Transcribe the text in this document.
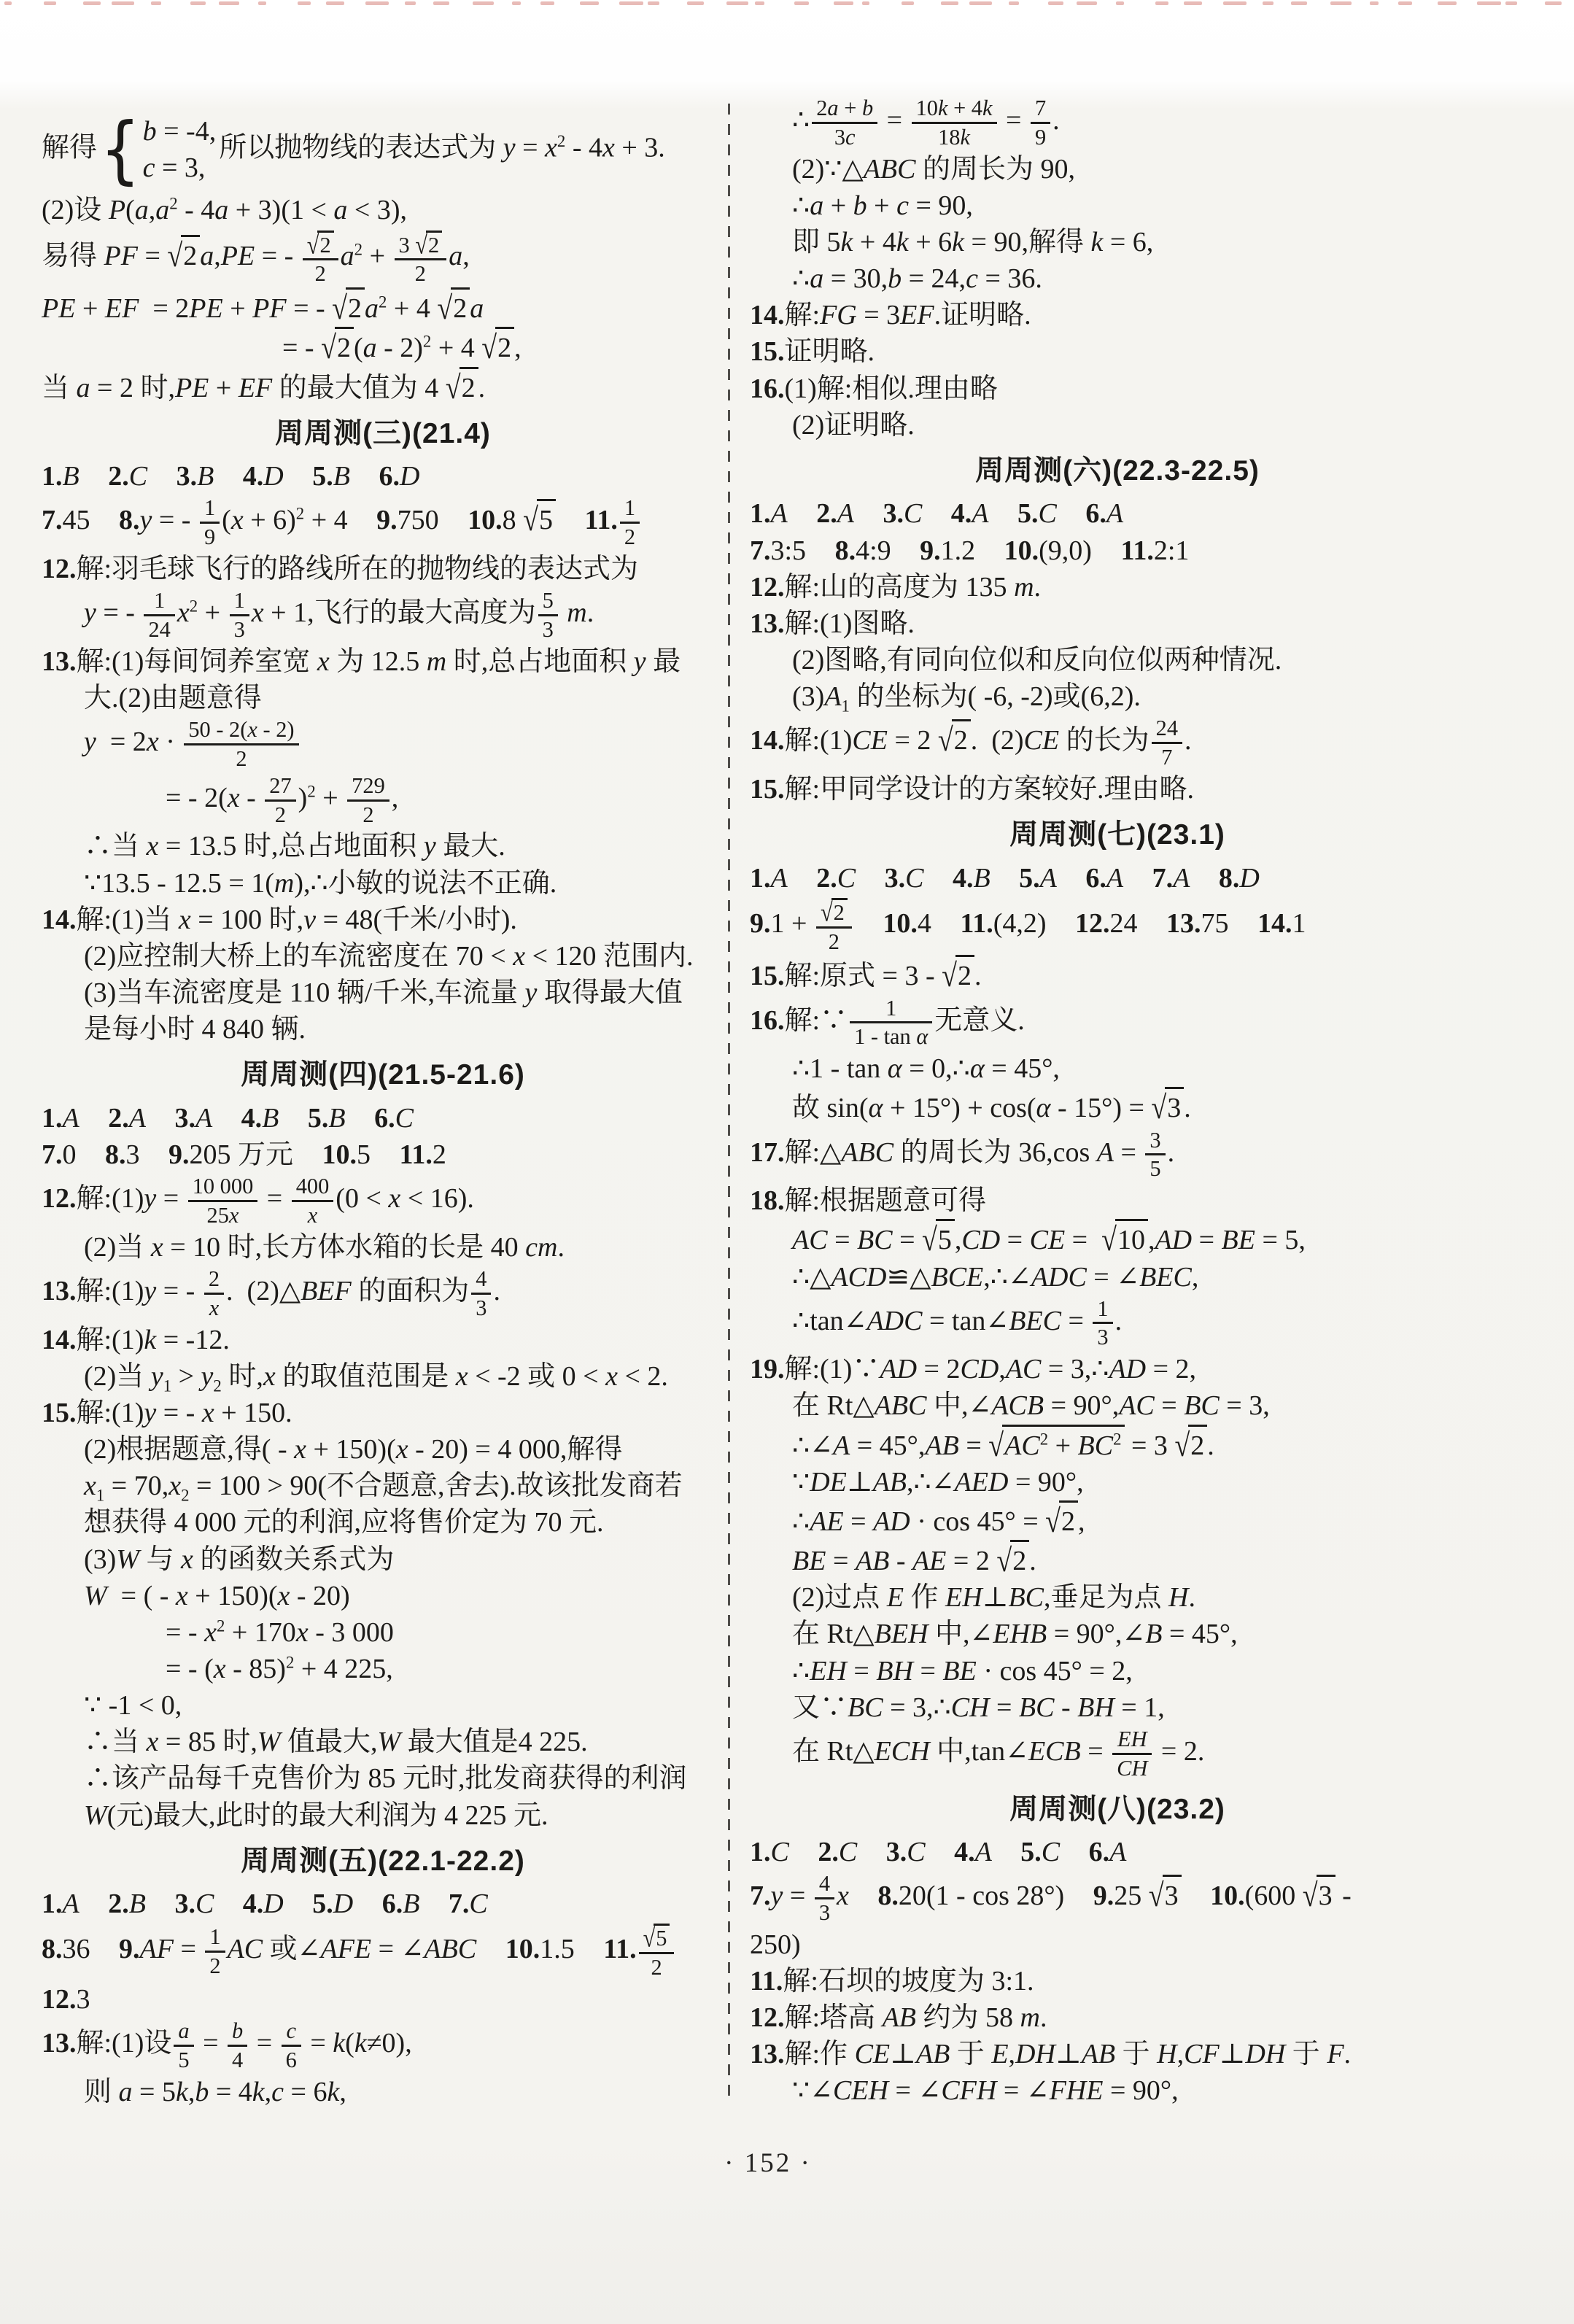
解得 { b = -4,
c = 3,
所以抛物线的表达式为 $y = x^2 - 4x + 3$.
(2)设 $P(a,a^2 - 4a + 3)(1 < a < 3)$,
易得 PF = √2 a,PE = - $\frac{√2}{2} a^2 + \frac{3 √2}{2} a$,
PE + EF  = 2PE + PF = - √2 $a^2 + 4$ √2 a
= - √2 (a - 2)$^2$ + 4 √2 ,
当 a = 2 时,PE + EF 的最大值为 4 √2 .
周周测(三)(21.4)
1.B 2.C 3.B 4.D 5.B 6.D
7.45 8.y = - $\frac{1}{9} (x + 6)^2 + 4$ 9.750 10.8 √5 11. $\frac{1}{2}$
12.解:羽毛球飞行的路线所在的抛物线的表达式为
y = - $\frac{1}{24} x^2 + \frac{1}{3}$ x + 1,飞行的最大高度为 $\frac{5}{3} m$.
13.解:(1)每间饲养室宽 x 为 12.5 m 时,总占地面积 y 最
大.(2)由题意得
$y = 2x \cdot \frac{50 - 2(x - 2)}{2}$
= - $2(x - \frac{27}{2} )^2 + \frac{729}{2}$ ,
∴当 x = 13.5 时,总占地面积 y 最大.
∵13.5 - 12.5 = 1(m),∴小敏的说法不正确.
14.解:(1)当 x = 100 时,v = 48(千米/小时).
(2)应控制大桥上的车流密度在 70 < x < 120 范围内.
(3)当车流密度是 110 辆/千米,车流量 y 取得最大值
是每小时 4 840 辆.
周周测(四)(21.5-21.6)
1.A 2.A 3.A 4.B 5.B 6.C
7.0 8.3 9.205 万元 10.5 11.2
12.解:(1)y = $\frac{10 000}{25x} = \frac{400}{x} (0 < x < 16)$.
(2)当 x = 10 时,长方体水箱的长是 40 cm.
13.解:(1)y = - $\frac{2}{x}$ .  (2)△BEF 的面积为 $\frac{4}{3}$ .
14.解:(1)k = -12.
(2)当 $y_1 > y_2$ 时,x 的取值范围是 x < -2 或 0 < x < 2.
15.解:(1)y = - x + 150.
(2)根据题意,得( - x + 150)(x - 20) = 4 000,解得
$x_1 = 70,x_2 = 100 > 90$(不合题意,舍去).故该批发商若
想获得 4 000 元的利润,应将售价定为 70 元.
(3)W 与 x 的函数关系式为
W  = ( - x + 150)(x - 20)
= - $x^2 + 170x - 3$ 000
= - (x - 85)$^2$ + 4 225,
∵ -1 < 0,
∴当 x = 85 时,W 值最大,W 最大值是4 225.
∴该产品每千克售价为 85 元时,批发商获得的利润
W(元)最大,此时的最大利润为 4 225 元.
周周测(五)(22.1-22.2)
1.A 2.B 3.C 4.D 5.D 6.B 7.C
8.36 $9.AF = \frac{1}{2}$ AC 或∠AFE = ∠ABC 10.1.5 11. $\frac{√5}{2}$
12.3
13.解:(1)设 $\frac{a}{5} = \frac{b}{4} = \frac{c}{6} = k(k\ne 0)$,
则 a = 5k,b = 4k,c = 6k,
∴ $\frac{2a + b}{3c} = \frac{10k + 4k}{18k} = \frac{7}{9}$ .
(2)∵△ABC 的周长为 90,
∴a + b + c = 90,
即 5k + 4k + 6k = 90,解得 k = 6,
∴a = 30,b = 24,c = 36.
14.解:FG = 3EF.证明略.
15.证明略.
16.(1)解:相似.理由略
(2)证明略.
周周测(六)(22.3-22.5)
1.A 2.A 3.C 4.A 5.C 6.A
7.3:5 8.4:9 9.1.2 10.(9,0) 11.2:1
12.解:山的高度为 135 m.
13.解:(1)图略.
(2)图略,有同向位似和反向位似两种情况.
$(3)A_1$ 的坐标为( -6, -2)或(6,2).
14.解:(1)CE = 2 √2 .  (2)CE 的长为 $\frac{24}{7}$ .
15.解:甲同学设计的方案较好.理由略.
周周测(七)(23.1)
1.A 2.C 3.C 4.B 5.A 6.A 7.A 8.D
$9.1 + \frac{√2}{2} 10.4$ 11.(4,2) 12.24 13.75 14.1
15.解:原式 = 3 - √2 .
16.解:∵ $\frac{1}{\text{1 - tan α}}$ 无意义.
∴1 - tan α = 0,∴α = 45°,
故 sin(α + 15°) + cos(α - 15°) = √3 .
17.解:△ABC 的周长为 36,cos $A = \frac{3}{5}$ .
18.解:根据题意可得
AC = BC = √5 ,CD = CE =  √10 ,AD = BE = 5,
∴△ACD≌△BCE,∴∠ADC = ∠BEC,
∴tan∠ADC = tan∠BEC = $\frac{1}{3}$ .
19.解:(1)∵AD = 2CD,AC = 3,∴AD = 2,
在 Rt△ABC 中,∠ACB = 90°,AC = BC = 3,
∴∠A = $45^\circ,AB = √AC^2 + BC^2 = 3$ √2 .
∵DE⊥AB,∴∠AED = 90°,
∴AE = AD · cos 45° = √2 ,
BE = AB - AE = 2 √2 .
(2)过点 E 作 EH⊥BC,垂足为点 H.
在 Rt△BEH 中,∠EHB = 90°,∠B = 45°,
∴EH = BH = BE · cos 45° = 2,
又∵BC = 3,∴CH = BC - BH = 1,
在 Rt△ECH 中,tan∠ECB = $\frac{EH}{CH} = 2$.
周周测(八)(23.2)
1.C 2.C 3.C 4.A 5.C 6.A
$7.y = \frac{4}{3}$ x 8.20(1 - cos 28°) 9.25 √3 10.(600 √3 -
250)
11.解:石坝的坡度为 3:1.
12.解:塔高 AB 约为 58 m.
13.解:作 CE⊥AB 于 E,DH⊥AB 于 H,CF⊥DH 于 F.
∵∠CEH = ∠CFH = ∠FHE = 90°,
· 152 ·
